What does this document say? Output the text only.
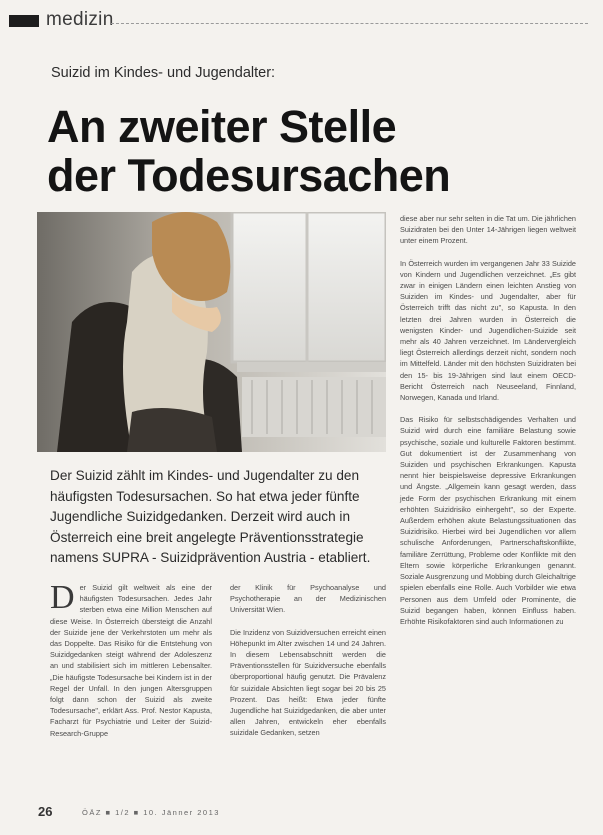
medizin
Suizid im Kindes- und Jugendalter:
An zweiter Stelle
der Todesursachen

Der Suizid zählt im Kindes- und Jugendalter zu den häufigsten Todesursachen. So hat etwa jeder fünfte Jugendliche Suizidgedanken. Derzeit wird auch in Österreich eine breit angelegte Präventionsstrategie namens SUPRA - Suizidprävention Austria - etabliert.

diese aber nur sehr selten in die Tat um. Die jährlichen Suizidraten bei den Unter 14-Jährigen liegen weltweit unter einem Prozent.

In Österreich wurden im vergangenen Jahr 33 Suizide von Kindern und Jugendlichen verzeichnet. „Es gibt zwar in einigen Ländern einen leichten Anstieg von Suiziden im Kindes- und Jugendalter, aber für Österreich trifft das nicht zu", so Kapusta. In den letzten drei Jahren wurden in Österreich die wenigsten Kinder- und Jugendlichen-Suizide seit mehr als 40 Jahren verzeichnet. Im Ländervergleich liegt Österreich allerdings derzeit nicht, sondern noch im Mittelfeld. Länder mit den höchsten Suizidraten bei den 15- bis 19-Jährigen sind laut einem OECD-Bericht Österreich nach Neuseeland, Finnland, Norwegen, Kanada und Irland.

Das Risiko für selbstschädigendes Verhalten und Suizid wird durch eine familiäre Belastung sowie psychische, soziale und kulturelle Faktoren bestimmt. Gut dokumentiert ist der Zusammenhang von Suiziden und psychischen Erkrankungen. Kapusta nennt hier beispielsweise depressive Erkrankungen und Ängste. „Allgemein kann gesagt werden, dass jede Form der psychischen Erkrankung mit einem erhöhten Suizidrisiko einhergeht", so der Experte. Außerdem erhöhen akute Belastungssituationen das Suizidrisiko. Hierbei wird bei Jugendlichen vor allem schulische Anforderungen, Partnerschaftskonflikte, familiäre Zerrüttung, Probleme oder Konflikte mit den Eltern sowie körperliche Erkrankungen genannt. Soziale Ausgrenzung und Mobbing durch Gleichaltrige spielen ebenfalls eine Rolle. Auch Vorbilder wie etwa Personen aus dem Umfeld oder Prominente, die Suizid begangen haben, können Einfluss haben. Erhöhte Risikofaktoren sind auch Informationen zu

Der Suizid gilt weltweit als eine der häufigsten Todesursachen. Jedes Jahr sterben etwa eine Million Menschen auf diese Weise. In Österreich übersteigt die Anzahl der Suizide jene der Verkehrstoten um mehr als das Doppelte. Das Risiko für die Entstehung von Suizidgedanken steigt während der Adoleszenz an und stabilisiert sich im mittleren Lebensalter. „Die häufigste Todesursache bei Kindern ist in der Regel der Unfall. In den jungen Altersgruppen folgt dann schon der Suizid als zweite Todesursache", erklärt Ass. Prof. Nestor Kapusta, Facharzt für Psychiatrie und Leiter der Suizid-Research-Gruppe

der Klinik für Psychoanalyse und Psychotherapie an der Medizinischen Universität Wien.

Die Inzidenz von Suizidversuchen erreicht einen Höhepunkt im Alter zwischen 14 und 24 Jahren. In diesem Lebensabschnitt werden die Präventionsstellen für Suizidversuche ebenfalls überproportional häufig genutzt. Die Prävalenz für suizidale Absichten liegt sogar bei 20 bis 25 Prozent. Das heißt: Etwa jeder fünfte Jugendliche hat Suizidgedanken, die aber unter allen Jahren, entwickeln eher ebenfalls suizidale Gedanken, setzen

26	ÖÄZ ■ 1/2 ■ 10. Jänner 2013
